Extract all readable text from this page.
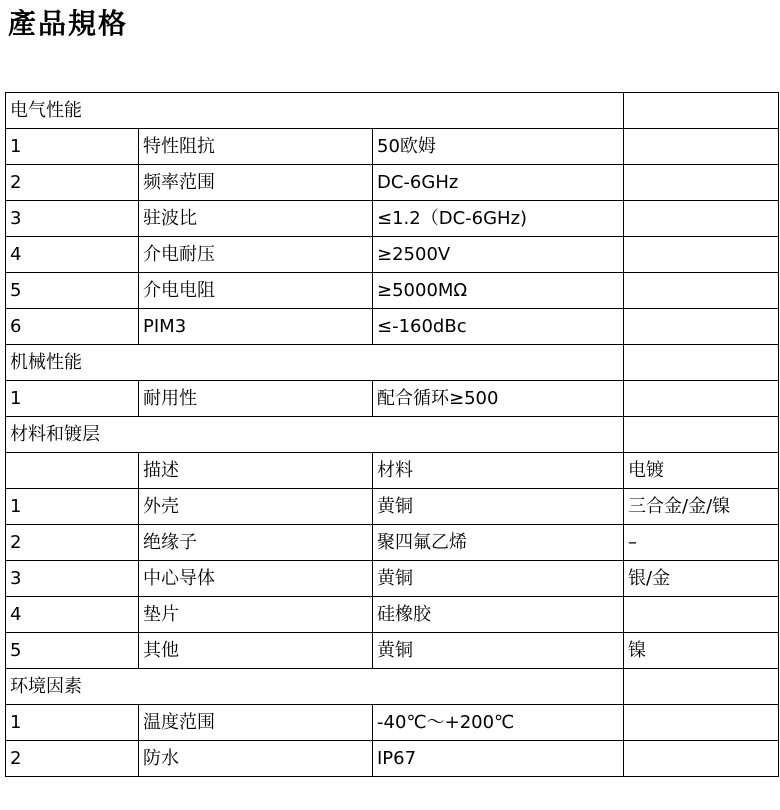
產品規格
电气性能			
1	特性阻抗	50欧姆	
2	频率范围	DC-6GHz	
3	驻波比	≤1.2（DC-6GHz)	
4	介电耐压	≥2500V	
5	介电电阻	≥5000MΩ	
6	PIM3	≤-160dBc	
机械性能			
1	耐用性	配合循环≥500	
材料和镀层			
	描述	材料	电镀
1	外壳	黄铜	三合金/金/镍
2	绝缘子	聚四氟乙烯	–
3	中心导体	黄铜	银/金
4	垫片	硅橡胶	
5	其他	黄铜	镍
环境因素			
1	温度范围	-40℃～+200℃	
2	防水	IP67	
